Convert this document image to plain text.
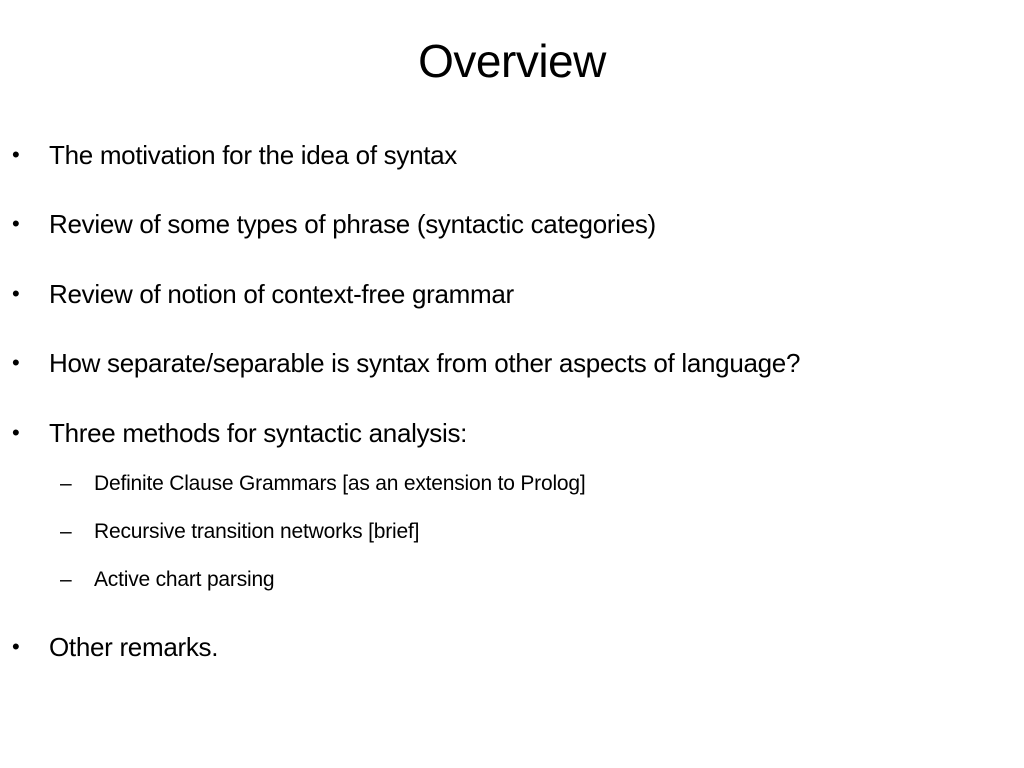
Overview
• The motivation for the idea of syntax
• Review of some types of phrase (syntactic categories)
• Review of notion of context-free grammar
• How separate/separable is syntax from other aspects of language?
• Three methods for syntactic analysis:
– Definite Clause Grammars [as an extension to Prolog]
– Recursive transition networks [brief]
– Active chart parsing
• Other remarks.
